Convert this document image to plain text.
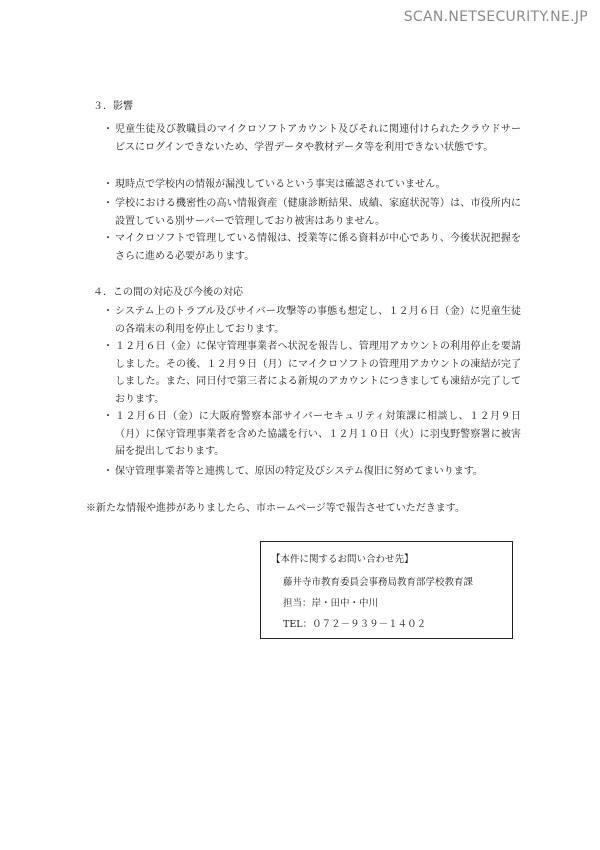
SCAN.NETSECURITY.NE.JP
３．影響
・ 児童生徒及び教職員のマイクロソフトアカウント及びそれに関連付けられたクラウドサービスにログインできないため、学習データや教材データ等を利用できない状態です。
・ 現時点で学校内の情報が漏洩しているという事実は確認されていません。
・ 学校における機密性の高い情報資産（健康診断結果、成績、家庭状況等）は、市役所内に設置している別サーバーで管理しており被害はありません。
・ マイクロソフトで管理している情報は、授業等に係る資料が中心であり、今後状況把握をさらに進める必要があります。
４．この間の対応及び今後の対応
・ システム上のトラブル及びサイバー攻撃等の事態も想定し、１２月６日（金）に児童生徒の各端末の利用を停止しております。
・ １２月６日（金）に保守管理事業者へ状況を報告し、管理用アカウントの利用停止を要請しました。その後、１２月９日（月）にマイクロソフトの管理用アカウントの凍結が完了しました。また、同日付で第三者による新規のアカウントにつきましても凍結が完了しております。
・ １２月６日（金）に大阪府警察本部サイバーセキュリティ対策課に相談し、１２月９日（月）に保守管理事業者を含めた協議を行い、１２月１０日（火）に羽曳野警察署に被害届を提出しております。
・ 保守管理事業者等と連携して、原因の特定及びシステム復旧に努めてまいります。
※新たな情報や進捗がありましたら、市ホームページ等で報告させていただきます。
【本件に関するお問い合わせ先】
藤井寺市教育委員会事務局教育部学校教育課
担当：岸・田中・中川
TEL：０７２－９３９－１４０２
